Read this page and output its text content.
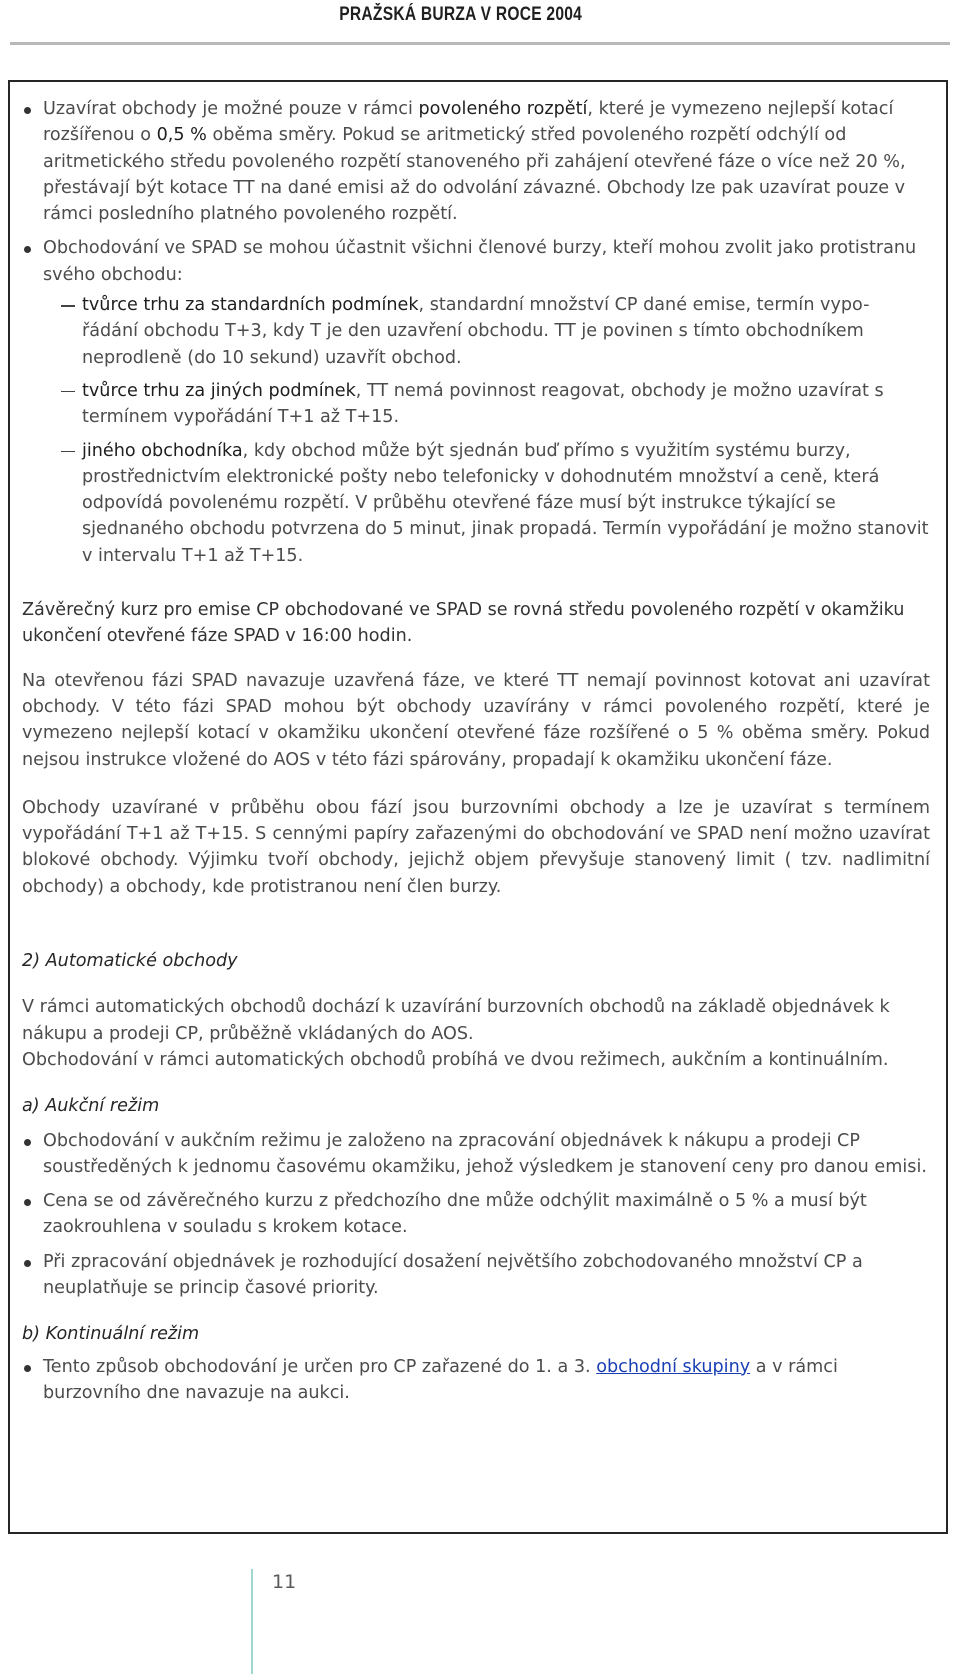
PRAŽSKÁ BURZA V ROCE 2004
Uzavírat obchody je možné pouze v rámci povoleného rozpětí, které je vymezeno nejlepší kotací rozšířenou o 0,5 % oběma směry. Pokud se aritmetický střed povoleného rozpětí odchýlí od aritmetického středu povoleného rozpětí stanoveného při zahájení otevřené fáze o více než 20 %, přestávají být kotace TT na dané emisi až do odvolání závazné. Obchody lze pak uzavírat pouze v rámci posledního platného povoleného rozpětí.
Obchodování ve SPAD se mohou účastnit všichni členové burzy, kteří mohou zvolit jako protistranu svého obchodu:
tvůrce trhu za standardních podmínek, standardní množství CP dané emise, termín vypo- řádání obchodu T+3, kdy T je den uzavření obchodu. TT je povinen s tímto obchodníkem neprodleně (do 10 sekund) uzavřít obchod.
tvůrce trhu za jiných podmínek, TT nemá povinnost reagovat, obchody je možno uzavírat s termínem vypořádání T+1 až T+15.
jiného obchodníka, kdy obchod může být sjednán buď přímo s využitím systému burzy, prostřednictvím elektronické pošty nebo telefonicky v dohodnutém množství a ceně, která odpovídá povolenému rozpětí. V průběhu otevřené fáze musí být instrukce týkající se sjednaného obchodu potvrzena do 5 minut, jinak propadá. Termín vypořádání je možno stanovit v intervalu T+1 až T+15.

Závěrečný kurz pro emise CP obchodované ve SPAD se rovná středu povoleného rozpětí v okamžiku ukončení otevřené fáze SPAD v 16:00 hodin.

Na otevřenou fázi SPAD navazuje uzavřená fáze, ve které TT nemají povinnost kotovat ani uzavírat obchody. V této fázi SPAD mohou být obchody uzavírány v rámci povoleného rozpětí, které je vymezeno nejlepší kotací v okamžiku ukončení otevřené fáze rozšířené o 5 % oběma směry. Pokud nejsou instrukce vložené do AOS v této fázi spárovány, propadají k okamžiku ukončení fáze.

Obchody uzavírané v průběhu obou fází jsou burzovními obchody a lze je uzavírat s termínem vypořádání T+1 až T+15. S cennými papíry zařazenými do obchodování ve SPAD není možno uzavírat blokové obchody. Výjimku tvoří obchody, jejichž objem převyšuje stanovený limit ( tzv. nadlimitní obchody) a obchody, kde protistranou není člen burzy.

2) Automatické obchody

V rámci automatických obchodů dochází k uzavírání burzovních obchodů na základě objednávek k nákupu a prodeji CP, průběžně vkládaných do AOS.

Obchodování v rámci automatických obchodů probíhá ve dvou režimech, aukčním a kontinuálním.

a) Aukční režim

Obchodování v aukčním režimu je založeno na zpracování objednávek k nákupu a prodeji CP soustředěných k jednomu časovému okamžiku, jehož výsledkem je stanovení ceny pro danou emisi.
Cena se od závěrečného kurzu z předchozího dne může odchýlit maximálně o 5 % a musí být zaokrouhlena v souladu s krokem kotace.
Při zpracování objednávek je rozhodující dosažení největšího zobchodovaného množství CP a neuplatňuje se princip časové priority.

b) Kontinuální režim

Tento způsob obchodování je určen pro CP zařazené do 1. a 3. obchodní skupiny a v rámci burzovního dne navazuje na aukci.
11
